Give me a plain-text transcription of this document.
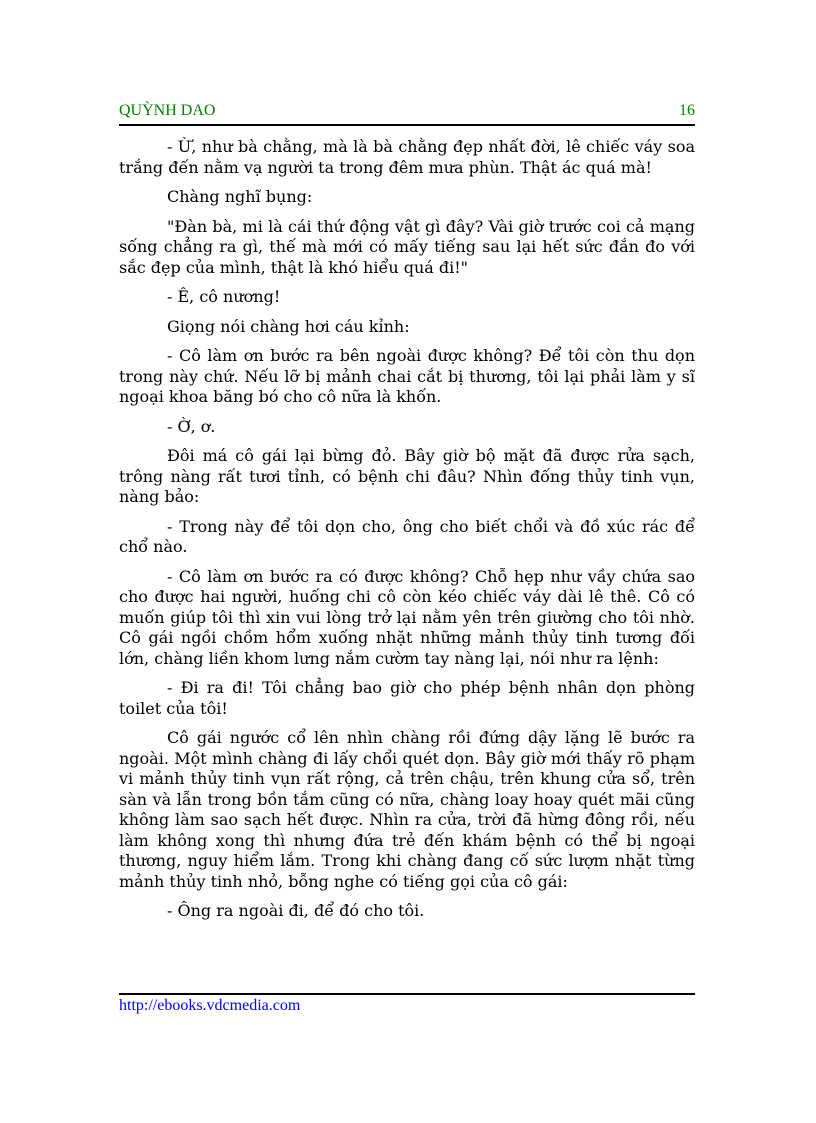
QUỲNH DAO	16

- Ừ, như bà chằng, mà là bà chằng đẹp nhất đời, lê chiếc váy soa trắng đến nằm vạ người ta trong đêm mưa phùn. Thật ác quá mà!

Chàng nghĩ bụng:

"Đàn bà, mi là cái thứ động vật gì đây? Vài giờ trước coi cả mạng sống chẳng ra gì, thế mà mới có mấy tiếng sau lại hết sức đắn đo với sắc đẹp của mình, thật là khó hiểu quá đi!"

- Ê, cô nương!

Giọng nói chàng hơi cáu kỉnh:

- Cô làm ơn bước ra bên ngoài được không? Để tôi còn thu dọn trong này chứ. Nếu lỡ bị mảnh chai cắt bị thương, tôi lại phải làm y sĩ ngoại khoa băng bó cho cô nữa là khốn.

- Ờ, ơ.

Đôi má cô gái lại bừng đỏ. Bây giờ bộ mặt đã được rửa sạch, trông nàng rất tươi tỉnh, có bệnh chi đâu? Nhìn đống thủy tinh vụn, nàng bảo:

- Trong này để tôi dọn cho, ông cho biết chổi và đồ xúc rác để chổ nào.

- Cô làm ơn bước ra có được không? Chỗ hẹp như vầy chứa sao cho được hai người, huống chi cô còn kéo chiếc váy dài lê thê. Cô có muốn giúp tôi thì xin vui lòng trở lại nằm yên trên giường cho tôi nhờ. Cô gái ngồi chồm hổm xuống nhặt những mảnh thủy tinh tương đối lớn, chàng liền khom lưng nắm cườm tay nàng lại, nói như ra lệnh:

- Đi ra đi! Tôi chẳng bao giờ cho phép bệnh nhân dọn phòng toilet của tôi!

Cô gái ngước cổ lên nhìn chàng rồi đứng dậy lặng lẽ bước ra ngoài. Một mình chàng đi lấy chổi quét dọn. Bây giờ mới thấy rõ phạm vi mảnh thủy tinh vụn rất rộng, cả trên chậu, trên khung cửa sổ, trên sàn và lẫn trong bồn tắm cũng có nữa, chàng loay hoay quét mãi cũng không làm sao sạch hết được. Nhìn ra cửa, trời đã hừng đông rồi, nếu làm không xong thì nhưng đứa trẻ đến khám bệnh có thể bị ngoại thương, nguy hiểm lắm. Trong khi chàng đang cố sức lượm nhặt từng mảnh thủy tinh nhỏ, bỗng nghe có tiếng gọi của cô gái:

- Ông ra ngoài đi, để đó cho tôi.

http://ebooks.vdcmedia.com
